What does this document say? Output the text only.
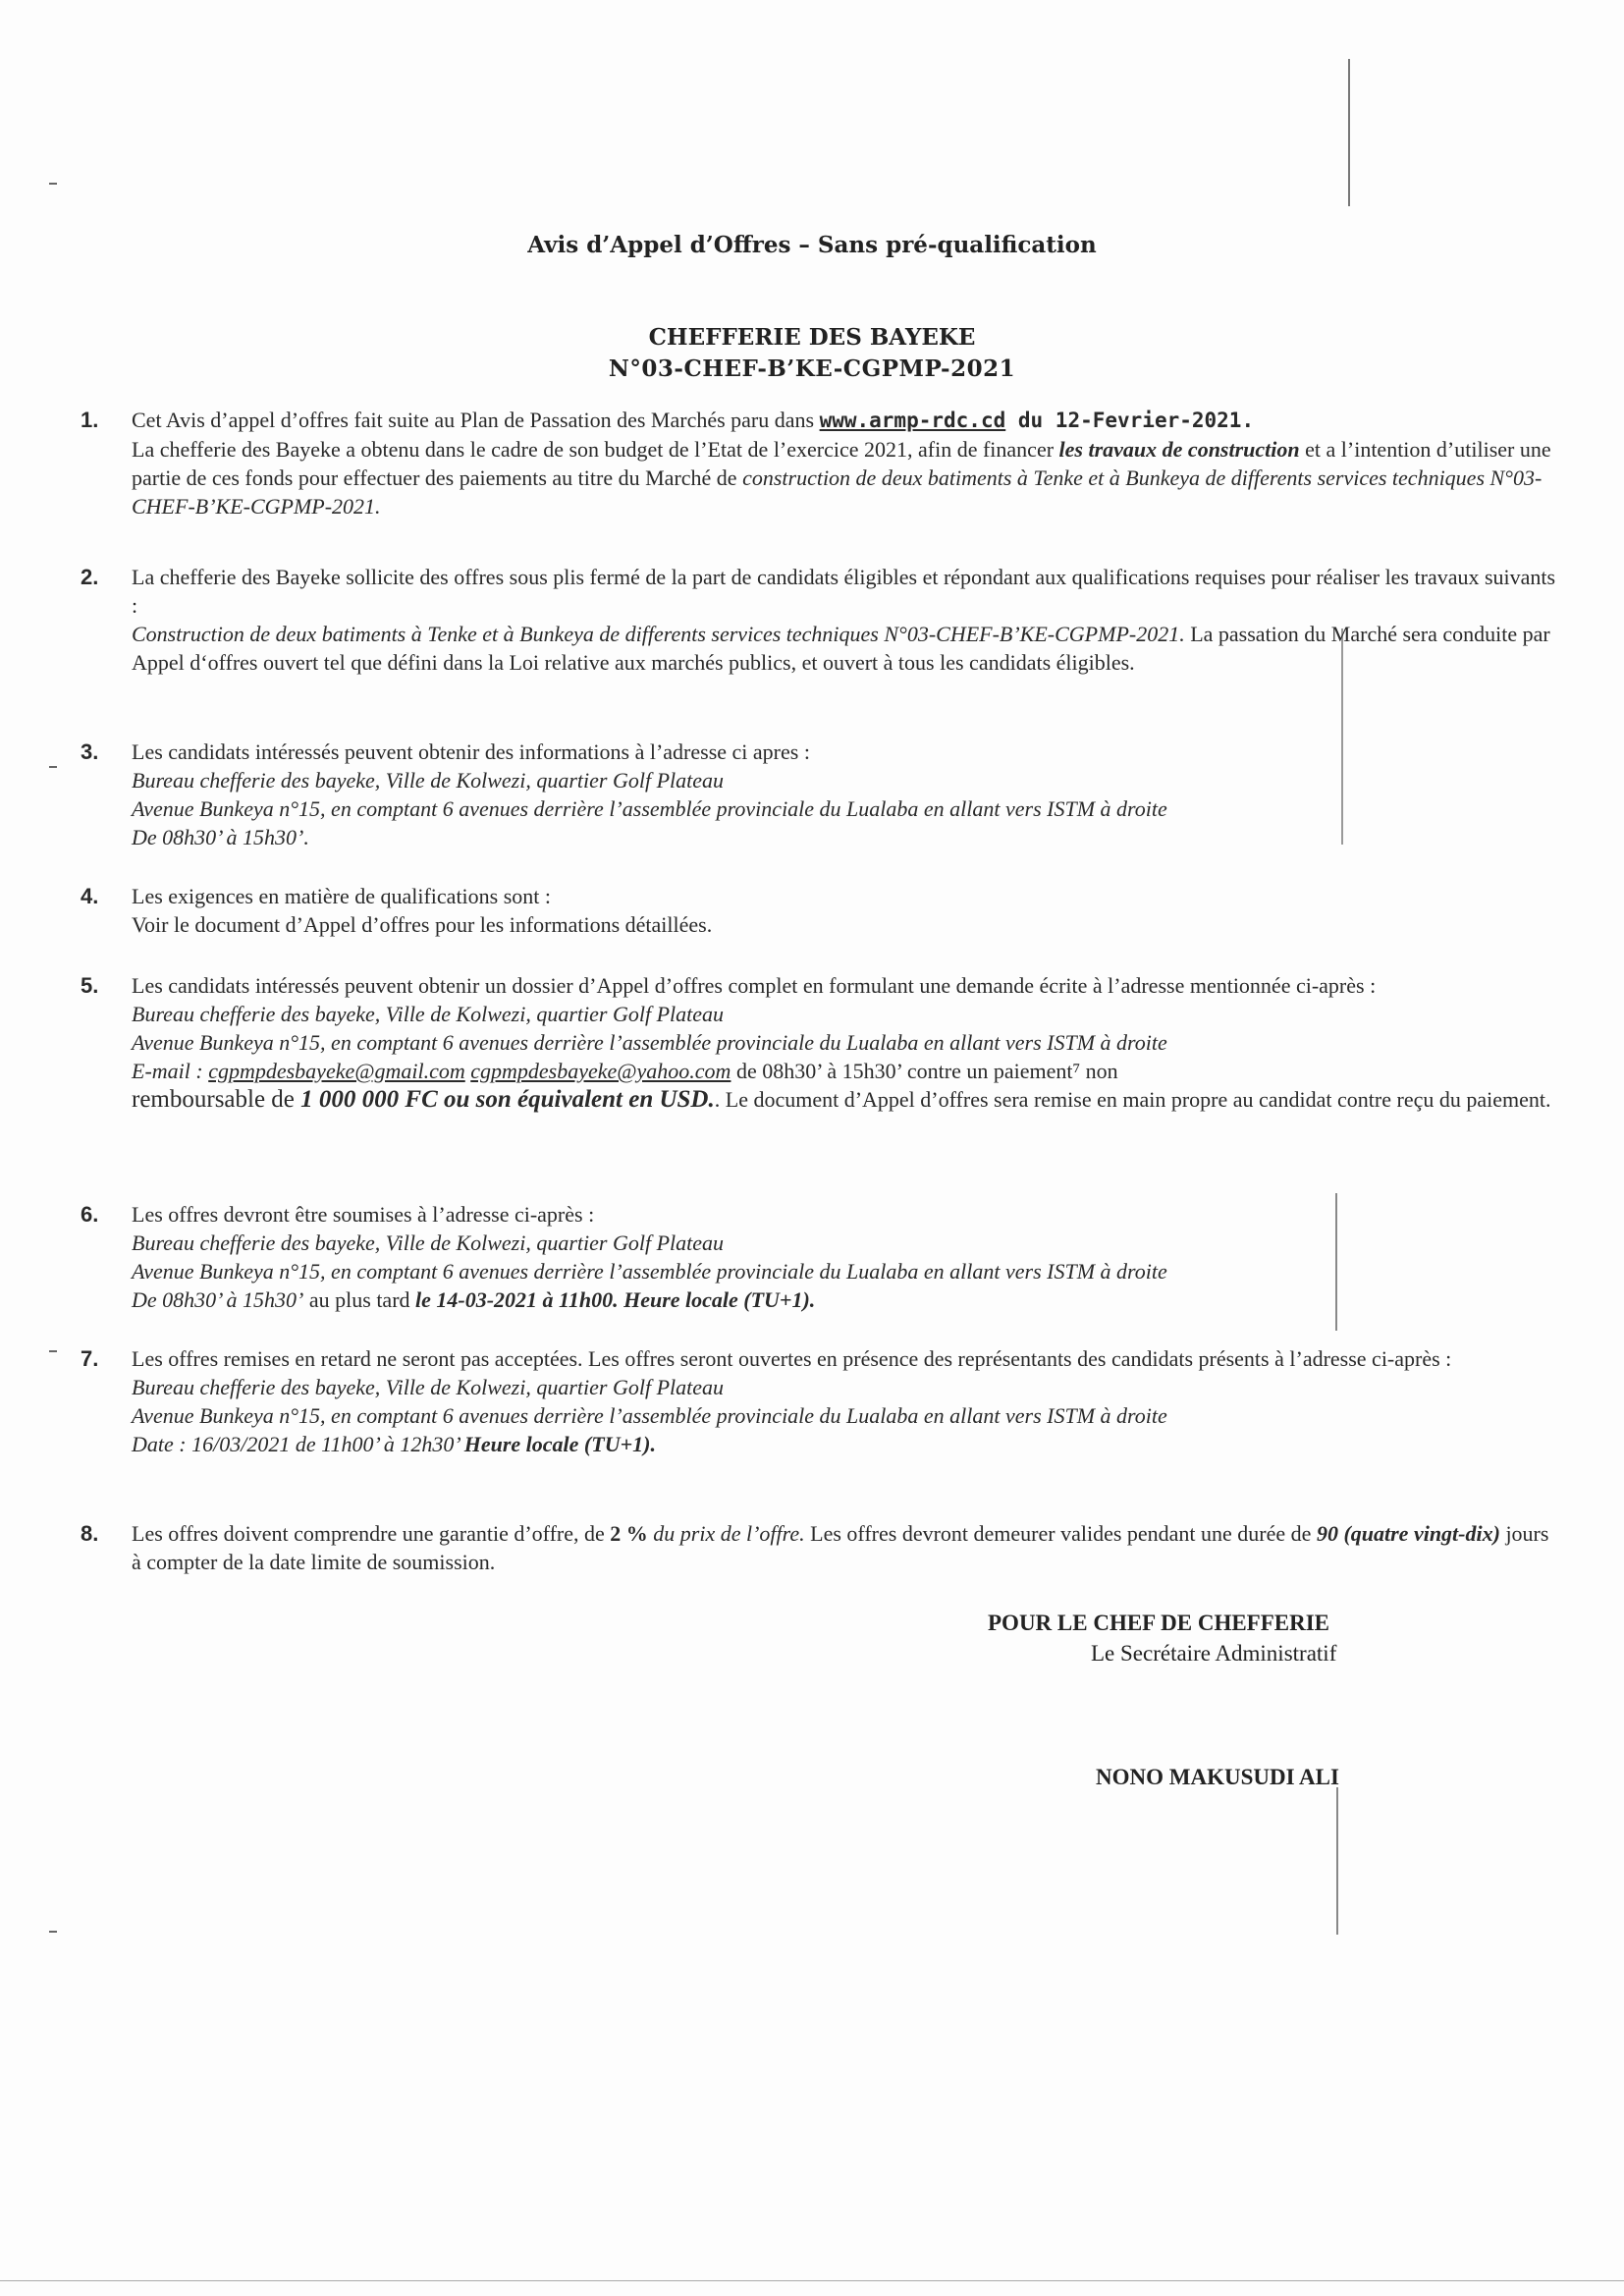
Avis d’Appel d’Offres – Sans pré-qualification
CHEFFERIE DES BAYEKE
N°03-CHEF-B’KE-CGPMP-2021
1.	Cet Avis d’appel d’offres fait suite au Plan de Passation des Marchés paru dans www.armp-rdc.cd du 12-Fevrier-2021.
La chefferie des Bayeke a obtenu dans le cadre de son budget de l’Etat de l’exercice 2021, afin de financer les travaux de construction et a l’intention d’utiliser une partie de ces fonds pour effectuer des paiements au titre du Marché de construction de deux batiments à Tenke et à Bunkeya de differents services techniques N°03-CHEF-B’KE-CGPMP-2021.
2.	La chefferie des Bayeke sollicite des offres sous plis fermé de la part de candidats éligibles et répondant aux qualifications requises pour réaliser les travaux suivants :
Construction de deux batiments à Tenke et à Bunkeya de differents services techniques N°03-CHEF-B’KE-CGPMP-2021. La passation du Marché sera conduite par Appel d‘offres ouvert tel que défini dans la Loi relative aux marchés publics, et ouvert à tous les candidats éligibles.
3.	Les candidats intéressés peuvent obtenir des informations à l’adresse ci apres :
Bureau chefferie des bayeke, Ville de Kolwezi, quartier Golf Plateau
Avenue Bunkeya n°15, en comptant 6 avenues derrière l’assemblée provinciale du Lualaba en allant vers ISTM à droite
De 08h30’ à 15h30’.
4.	Les exigences en matière de qualifications sont :
Voir le document d’Appel d’offres pour les informations détaillées.
5.	Les candidats intéressés peuvent obtenir un dossier d’Appel d’offres complet en formulant une demande écrite à l’adresse mentionnée ci-après :
Bureau chefferie des bayeke, Ville de Kolwezi, quartier Golf Plateau
Avenue Bunkeya n°15, en comptant 6 avenues derrière l’assemblée provinciale du Lualaba en allant vers ISTM à droite
E-mail : cgpmpdesbayeke@gmail.com cgpmpdesbayeke@yahoo.com de 08h30’ à 15h30’ contre un paiement⁷ non
remboursable de 1 000 000 FC ou son équivalent en USD.. Le document d’Appel d’offres sera remise en main propre au candidat contre reçu du paiement.
6.	Les offres devront être soumises à l’adresse ci-après :
Bureau chefferie des bayeke, Ville de Kolwezi, quartier Golf Plateau
Avenue Bunkeya n°15, en comptant 6 avenues derrière l’assemblée provinciale du Lualaba en allant vers ISTM à droite
De 08h30’ à 15h30’ au plus tard le 14-03-2021 à 11h00. Heure locale (TU+1).
7.	Les offres remises en retard ne seront pas acceptées. Les offres seront ouvertes en présence des représentants des candidats présents à l’adresse ci-après :
Bureau chefferie des bayeke, Ville de Kolwezi, quartier Golf Plateau
Avenue Bunkeya n°15, en comptant 6 avenues derrière l’assemblée provinciale du Lualaba en allant vers ISTM à droite
Date : 16/03/2021 de 11h00’ à 12h30’ Heure locale (TU+1).
8.	Les offres doivent comprendre une garantie d’offre, de 2 % du prix de l’offre. Les offres devront demeurer valides pendant une durée de 90 (quatre vingt-dix) jours à compter de la date limite de soumission.
POUR LE CHEF DE CHEFFERIE
Le Secrétaire Administratif
NONO MAKUSUDI ALI
